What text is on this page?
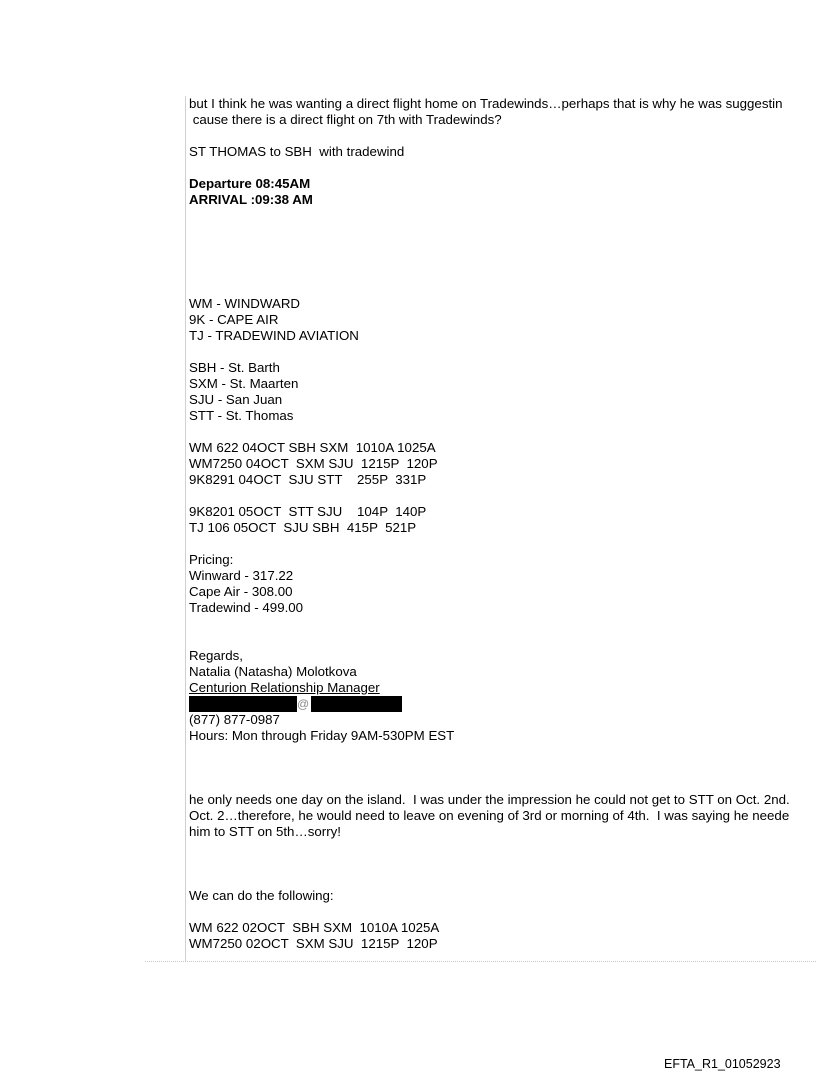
but I think he was wanting a direct flight home on Tradewinds…perhaps that is why he was suggestin
cause there is a direct flight on 7th with Tradewinds?
ST THOMAS to SBH  with tradewind
Departure 08:45AM
ARRIVAL :09:38 AM
WM - WINDWARD
9K - CAPE AIR
TJ - TRADEWIND AVIATION
SBH - St. Barth
SXM - St. Maarten
SJU - San Juan
STT - St. Thomas
WM 622 04OCT SBH SXM  1010A 1025A
WM7250 04OCT  SXM SJU  1215P  120P
9K8291 04OCT  SJU STT    255P  331P
9K8201 05OCT  STT SJU    104P  140P
TJ 106 05OCT  SJU SBH  415P  521P
Pricing:
Winward - 317.22
Cape Air - 308.00
Tradewind - 499.00
Regards,
Natalia (Natasha) Molotkova
Centurion Relationship Manager
@
(877) 877-0987
Hours: Mon through Friday 9AM-530PM EST
he only needs one day on the island.  I was under the impression he could not get to STT on Oct. 2nd.
Oct. 2…therefore, he would need to leave on evening of 3rd or morning of 4th.  I was saying he neede
him to STT on 5th…sorry!
We can do the following:
WM 622 02OCT  SBH SXM  1010A 1025A
WM7250 02OCT  SXM SJU  1215P  120P
EFTA_R1_01052923
